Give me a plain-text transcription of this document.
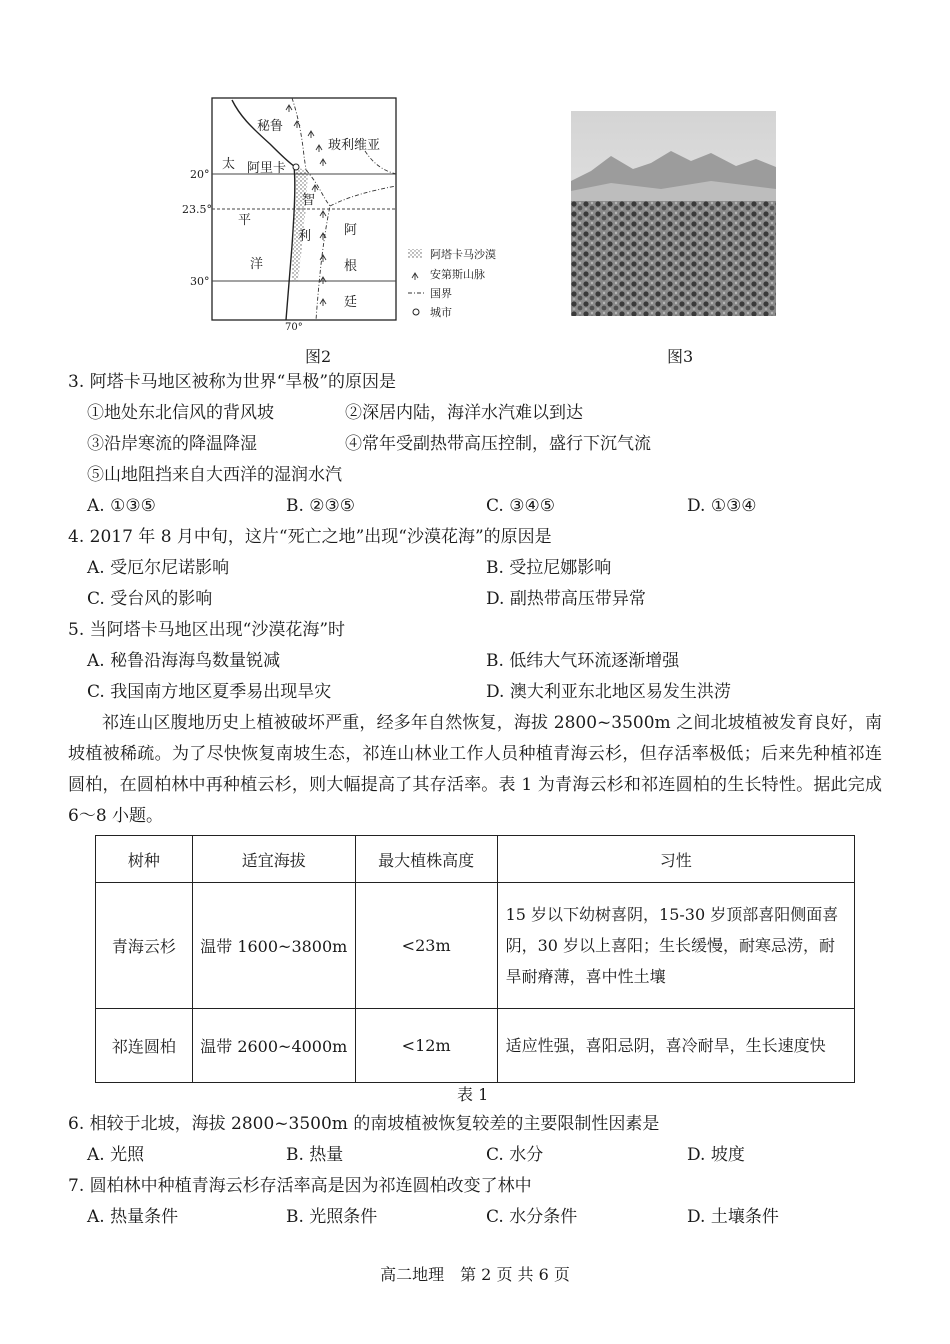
秘鲁
玻利维亚
阿里卡
太
平
洋
智
利	阿
根
廷
20°
23.5°
30°
70°
阿塔卡马沙漠
安第斯山脉
国界
城市
图2	图3
3. 阿塔卡马地区被称为世界“旱极”的原因是
①地处东北信风的背风坡	②深居内陆，海洋水汽难以到达
③沿岸寒流的降温降湿	④常年受副热带高压控制，盛行下沉气流
⑤山地阻挡来自大西洋的湿润水汽
A. ①③⑤	B. ②③⑤	C. ③④⑤	D. ①③④
4. 2017 年 8 月中旬，这片“死亡之地”出现“沙漠花海”的原因是
A. 受厄尔尼诺影响	B. 受拉尼娜影响
C. 受台风的影响	D. 副热带高压带异常
5. 当阿塔卡马地区出现“沙漠花海”时
A. 秘鲁沿海海鸟数量锐减	B. 低纬大气环流逐渐增强
C. 我国南方地区夏季易出现旱灾	D. 澳大利亚东北地区易发生洪涝
祁连山区腹地历史上植被破坏严重，经多年自然恢复，海拔 2800~3500m 之间北坡植被发育良好，南坡植被稀疏。为了尽快恢复南坡生态，祁连山林业工作人员种植青海云杉，但存活率极低；后来先种植祁连圆柏，在圆柏林中再种植云杉，则大幅提高了其存活率。表 1 为青海云杉和祁连圆柏的生长特性。据此完成 6～8 小题。
树种	适宜海拔	最大植株高度	习性
青海云杉	温带 1600~3800m	<23m	15 岁以下幼树喜阴，15-30 岁顶部喜阳侧面喜阴，30 岁以上喜阳；生长缓慢，耐寒忌涝，耐旱耐瘠薄，喜中性土壤
祁连圆柏	温带 2600~4000m	<12m	适应性强，喜阳忌阴，喜冷耐旱，生长速度快
表 1
6. 相较于北坡，海拔 2800~3500m 的南坡植被恢复较差的主要限制性因素是
A. 光照	B. 热量	C. 水分	D. 坡度
7. 圆柏林中种植青海云杉存活率高是因为祁连圆柏改变了林中
A. 热量条件	B. 光照条件	C. 水分条件	D. 土壤条件
高二地理　第 2 页 共 6 页
